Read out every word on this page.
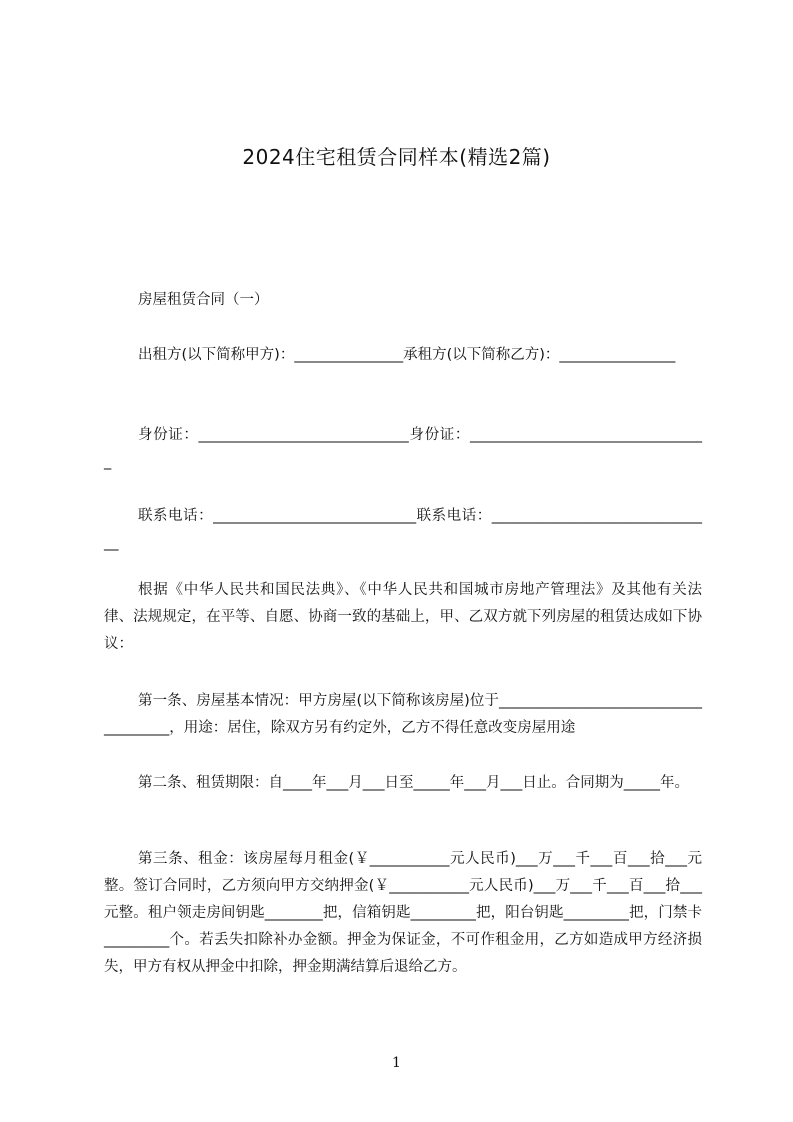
2024住宅租赁合同样本(精选2篇)

房屋租赁合同（一）

出租方(以下简称甲方)：_______________承租方(以下简称乙方)：________________

身份证：_____________________________身份证：_________________________________

联系电话：____________________________联系电话：_______________________________

根据《中华人民共和国民法典》、《中华人民共和国城市房地产管理法》及其他有关法律、法规规定，在平等、自愿、协商一致的基础上，甲、乙双方就下列房屋的租赁达成如下协议：

第一条、房屋基本情况：甲方房屋(以下简称该房屋)位于_____________________________________，用途：居住，除双方另有约定外，乙方不得任意改变房屋用途

第二条、租赁期限：自____年___月___日至_____年___月___日止。合同期为_____年。

第三条、租金：该房屋每月租金(￥___________元人民币)___万___千___百___拾___元整。签订合同时，乙方须向甲方交纳押金(￥___________元人民币)___万___千___百___拾___元整。租户领走房间钥匙________把，信箱钥匙_________把，阳台钥匙_________把，门禁卡_________个。若丢失扣除补办金额。押金为保证金，不可作租金用，乙方如造成甲方经济损失，甲方有权从押金中扣除，押金期满结算后退给乙方。

1
